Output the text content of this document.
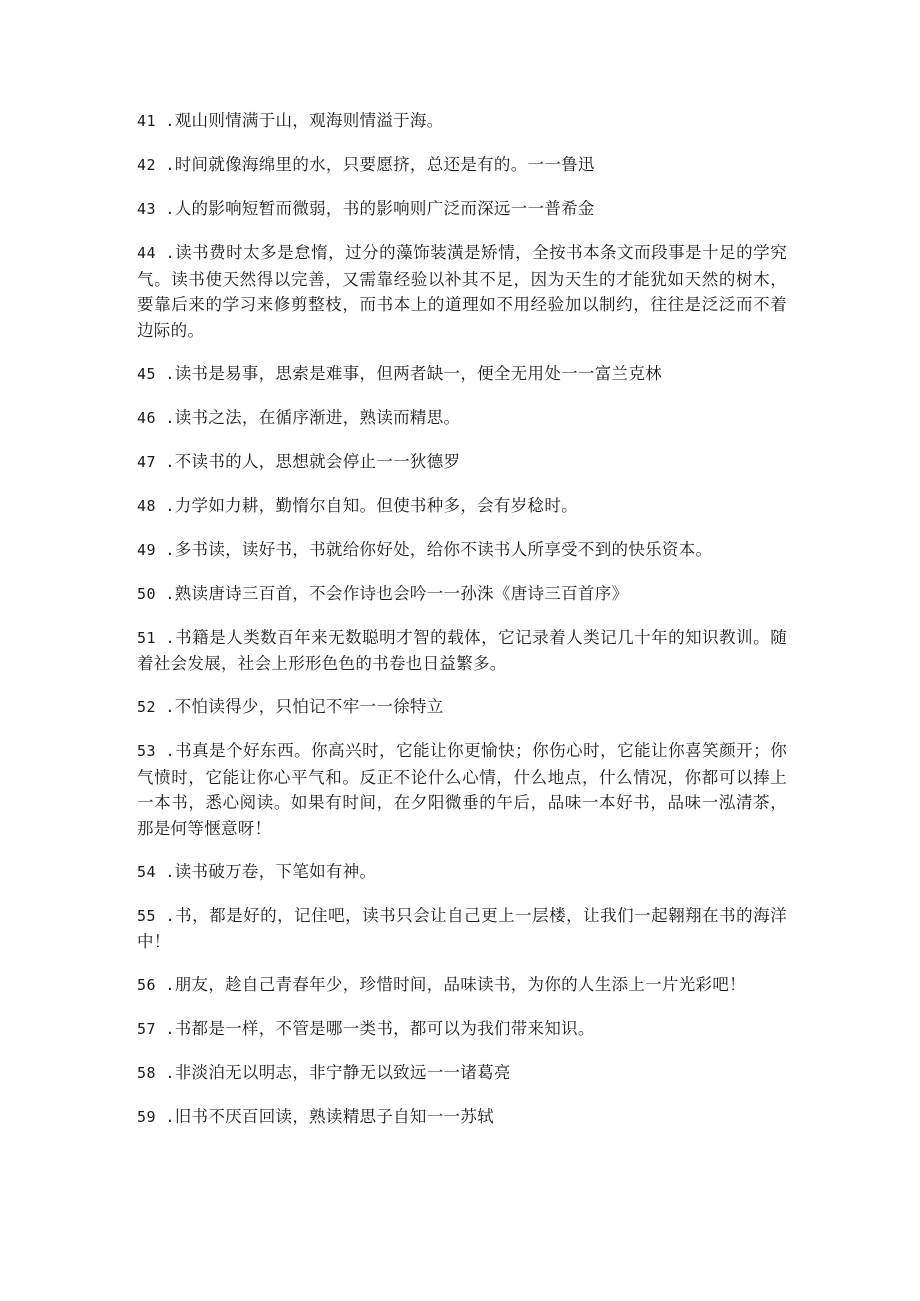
41 .观山则情满于山，观海则情溢于海。
42 .时间就像海绵里的水，只要愿挤，总还是有的。一一鲁迅
43 .人的影响短暂而微弱，书的影响则广泛而深远一一普希金
44 .读书费时太多是怠惰，过分的藻饰装潢是矫情，全按书本条文而段事是十足的学究气。读书使天然得以完善，又需靠经验以补其不足，因为天生的才能犹如天然的树木，要靠后来的学习来修剪整枝，而书本上的道理如不用经验加以制约，往往是泛泛而不着边际的。
45 .读书是易事，思索是难事，但两者缺一，便全无用处一一富兰克林
46 .读书之法，在循序渐进，熟读而精思。
47 .不读书的人，思想就会停止一一狄德罗
48 .力学如力耕，勤惰尔自知。但使书种多，会有岁稔时。
49 .多书读，读好书，书就给你好处，给你不读书人所享受不到的快乐资本。
50 .熟读唐诗三百首，不会作诗也会吟一一孙洙《唐诗三百首序》
51 .书籍是人类数百年来无数聪明才智的载体，它记录着人类记几十年的知识教训。随着社会发展，社会上形形色色的书卷也日益繁多。
52 .不怕读得少，只怕记不牢一一徐特立
53 .书真是个好东西。你高兴时，它能让你更愉快；你伤心时，它能让你喜笑颜开；你气愤时，它能让你心平气和。反正不论什么心情，什么地点，什么情况，你都可以捧上一本书，悉心阅读。如果有时间，在夕阳微垂的午后，品味一本好书，品味一泓清茶，那是何等惬意呀！
54 .读书破万卷，下笔如有神。
55 .书，都是好的，记住吧，读书只会让自己更上一层楼，让我们一起翱翔在书的海洋中！
56 .朋友，趁自己青春年少，珍惜时间，品味读书，为你的人生添上一片光彩吧！
57 .书都是一样，不管是哪一类书，都可以为我们带来知识。
58 .非淡泊无以明志，非宁静无以致远一一诸葛亮
59 .旧书不厌百回读，熟读精思子自知一一苏轼
